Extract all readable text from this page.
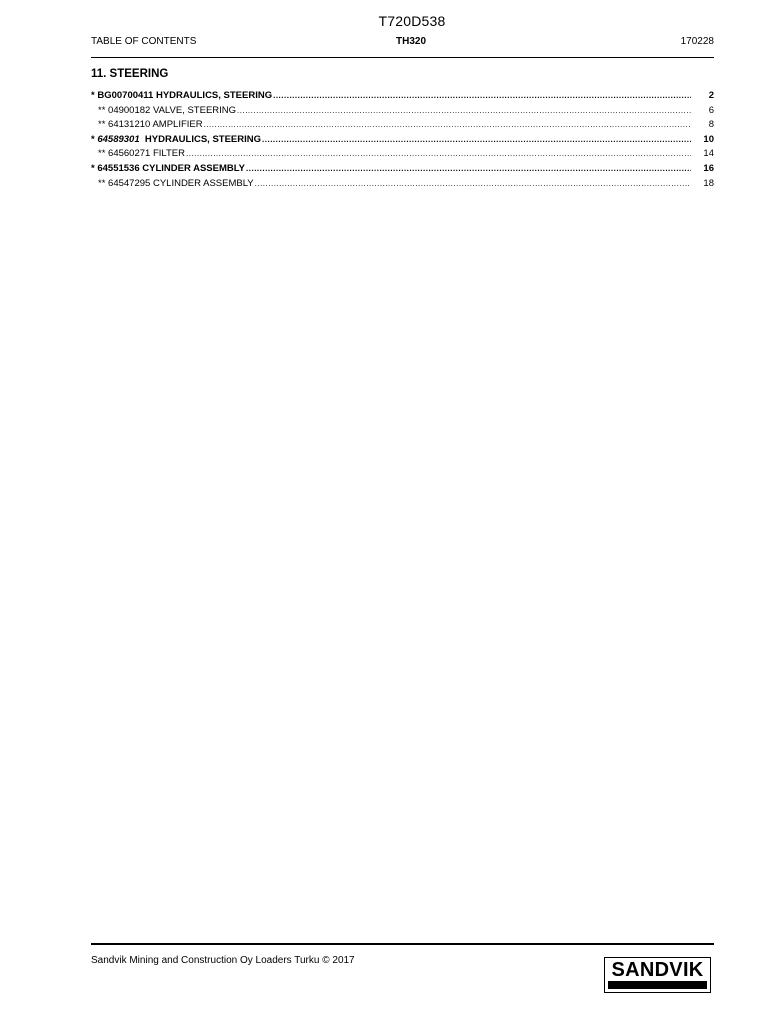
T720D538
TABLE OF CONTENTS	TH320	170228
11. STEERING
* BG00700411 HYDRAULICS, STEERING .....	2
** 04900182 VALVE, STEERING .....	6
** 64131210 AMPLIFIER .....	8
* 64589301 HYDRAULICS, STEERING .....	10
** 64560271 FILTER .....	14
* 64551536 CYLINDER ASSEMBLY .....	16
** 64547295 CYLINDER ASSEMBLY .....	18
Sandvik Mining and Construction Oy Loaders Turku © 2017	SANDVIK
